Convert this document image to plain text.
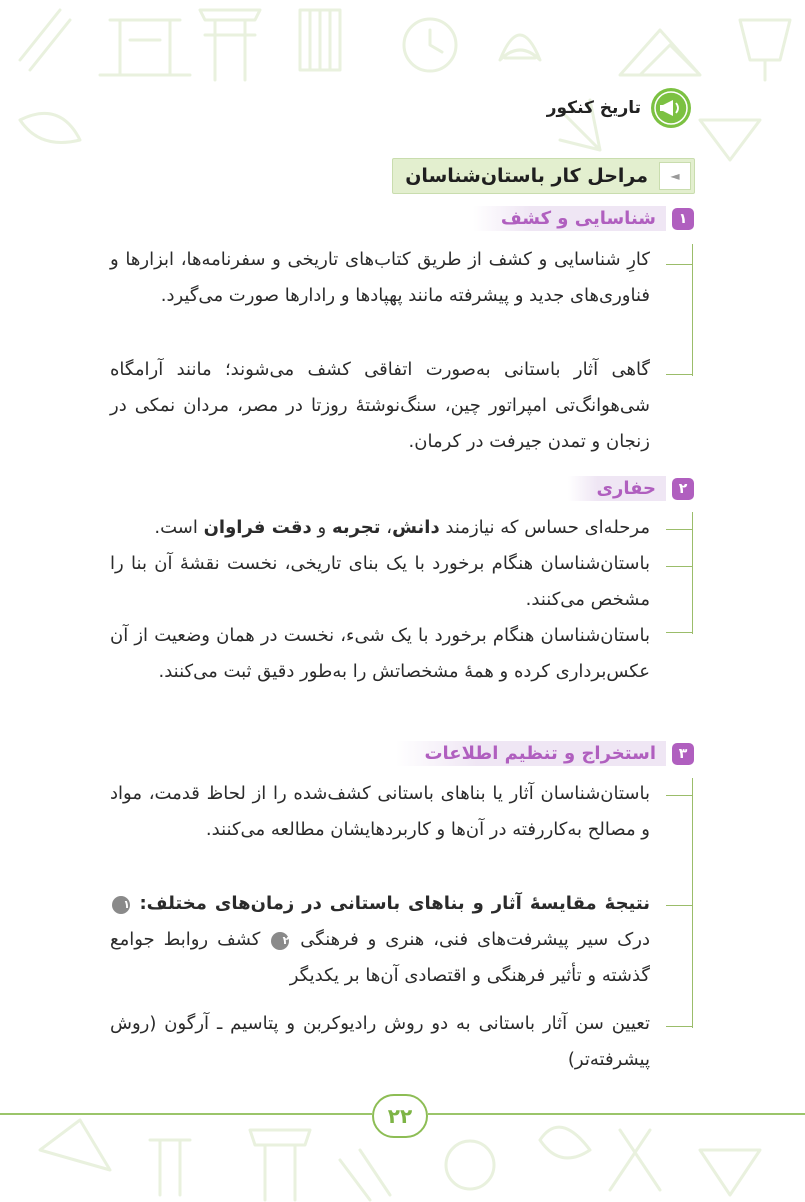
تاریخ کنکور
◄
مراحل کار باستان‌شناسان
۱
شناسایی و کشف
کارِ شناسایی و کشف از طریق کتاب‌های تاریخی و سفرنامه‌ها، ابزارها و فناوری‌های جدید و پیشرفته مانند پهپادها و رادارها صورت می‌گیرد.
گاهی آثار باستانی به‌صورت اتفاقی کشف می‌شوند؛ مانند آرامگاه شی‌هوانگ‌تی امپراتور چین، سنگ‌نوشتهٔ روزتا در مصر، مردان نمکی در زنجان و تمدن جیرفت در کرمان.
۲
حفاری
مرحله‌ای حساس که نیازمند دانش، تجربه و دقت فراوان است.
باستان‌شناسان هنگام برخورد با یک بنای تاریخی، نخست نقشهٔ آن بنا را مشخص می‌کنند.
باستان‌شناسان هنگام برخورد با یک شیء، نخست در همان وضعیت از آن عکس‌برداری کرده و همهٔ مشخصاتش را به‌طور دقیق ثبت می‌کنند.
۳
استخراج و تنظیم اطلاعات
باستان‌شناسان آثار یا بناهای باستانی کشف‌شده را از لحاظ قدمت، مواد و مصالح به‌کاررفته در آن‌ها و کاربردهایشان مطالعه می‌کنند.
نتیجهٔ مقایسهٔ آثار و بناهای باستانی در زمان‌های مختلف: ۱ درک سیر پیشرفت‌های فنی، هنری و فرهنگی ۲ کشف روابط جوامع گذشته و تأثیر فرهنگی و اقتصادی آن‌ها بر یکدیگر
تعیین سن آثار باستانی به دو روش رادیوکربن و پتاسیم ـ آرگون (روش پیشرفته‌تر)
۲۲
